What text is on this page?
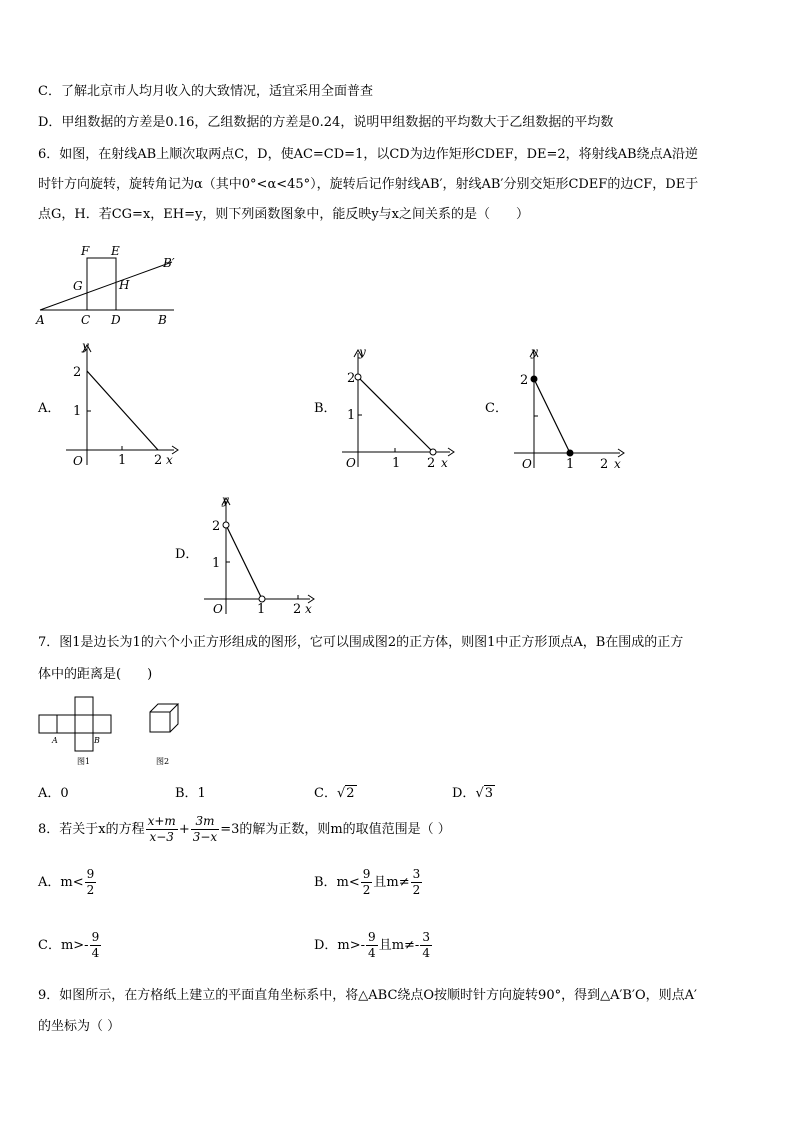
C．了解北京市人均月收入的大致情况，适宜采用全面普查
D．甲组数据的方差是0.16，乙组数据的方差是0.24，说明甲组数据的平均数大于乙组数据的平均数
6．如图，在射线AB上顺次取两点C，D，使AC=CD=1，以CD为边作矩形CDEF，DE=2，将射线AB绕点A沿逆
时针方向旋转，旋转角记为α（其中0°<α<45°），旋转后记作射线AB′，射线AB′分别交矩形CDEF的边CF，DE于
点G，H．若CG=x，EH=y，则下列函数图象中，能反映y与x之间关系的是（　　）
A	C D	B
F E
G	H
B′
A．	B．	C．
D．
y
x
O	1 2
1
2
y
x
O	1 2
1
2
y
x
O	1 2
2
y
x
O	1 2
1
2
7．图1是边长为1的六个小正方形组成的图形，它可以围成图2的正方体，则图1中正方形顶点A，B在围成的正方
体中的距离是(　　)
A	B
图1	图2
A．0	B．1	C．√2	D．√3
8．若关于x的方程 $\frac{x+m}{x-3} + \frac{3m}{3-x} =3$的解为正数，则m的取值范围是（ ）
A．$m< \frac{9}{2}$	B．$m< \frac{9}{2}$ 且$m\ne \frac{3}{2}$
C．$m>- \frac{9}{4}$	D．$m>- \frac{9}{4}$ 且$m\ne- \frac{3}{4}$
9．如图所示，在方格纸上建立的平面直角坐标系中，将△ABC绕点O按顺时针方向旋转90°，得到△A′B′O，则点A′
的坐标为（ ）
